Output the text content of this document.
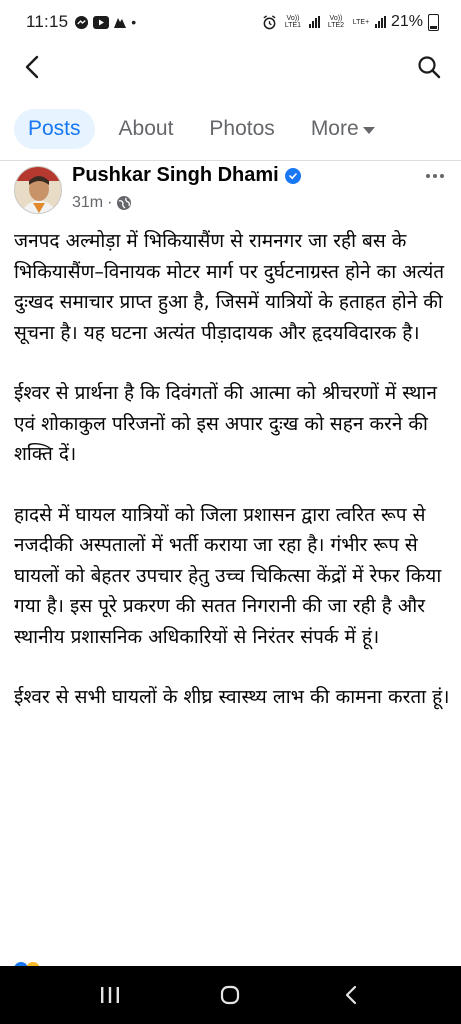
11:15	•	Vo)) LTE1
Vo)) LTE2	LTE+ 21%
Posts About Photos More
Pushkar Singh Dhami
31m ·

जनपद अल्मोड़ा में भिकियासैंण से रामनगर जा रही बस के भिकियासैंण–विनायक मोटर मार्ग पर दुर्घटनाग्रस्त होने का अत्यंत दुःखद समाचार प्राप्त हुआ है, जिसमें यात्रियों के हताहत होने की सूचना है। यह घटना अत्यंत पीड़ादायक और हृदयविदारक है।

ईश्वर से प्रार्थना है कि दिवंगतों की आत्मा को श्रीचरणों में स्थान एवं शोकाकुल परिजनों को इस अपार दुःख को सहन करने की शक्ति दें।

हादसे में घायल यात्रियों को जिला प्रशासन द्वारा त्वरित रूप से नजदीकी अस्पतालों में भर्ती कराया जा रहा है। गंभीर रूप से घायलों को बेहतर उपचार हेतु उच्च चिकित्सा केंद्रों में रेफर किया गया है। इस पूरे प्रकरण की सतत निगरानी की जा रही है और स्थानीय प्रशासनिक अधिकारियों से निरंतर संपर्क में हूं।

ईश्वर से सभी घायलों के शीघ्र स्वास्थ्य लाभ की कामना करता हूं।
